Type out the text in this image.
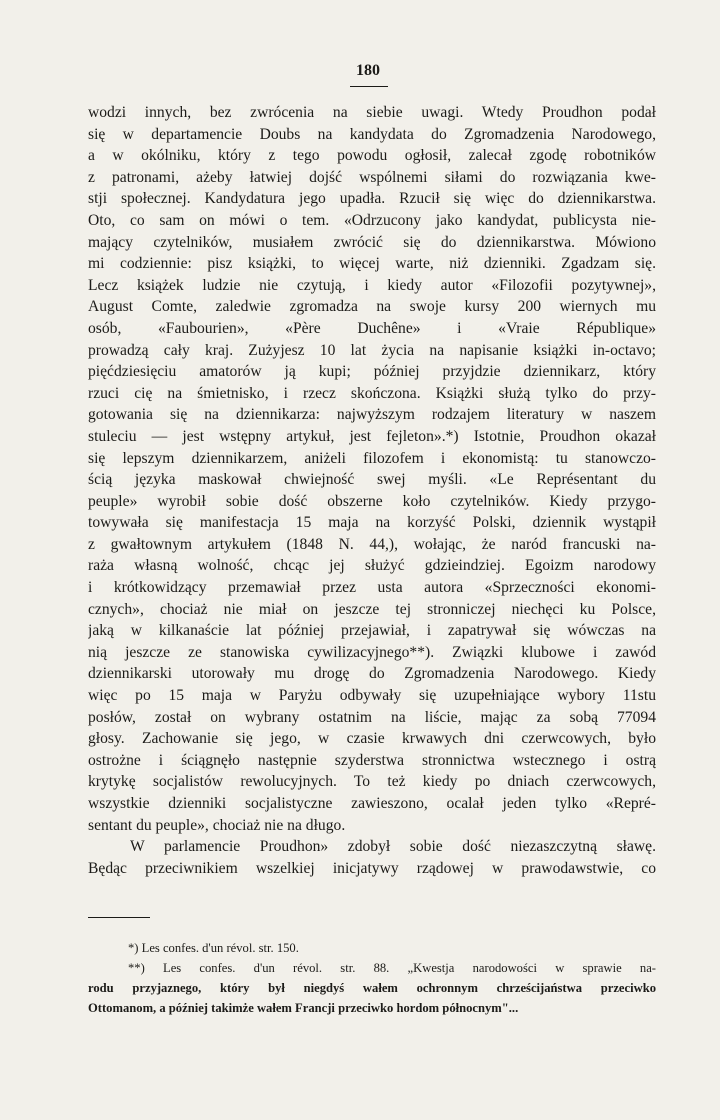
180
wodzi innych, bez zwrócenia na siebie uwagi. Wtedy Proudhon podał
się w departamencie Doubs na kandydata do Zgromadzenia Narodowego,
a w okólniku, który z tego powodu ogłosił, zalecał zgodę robotników
z patronami, ażeby łatwiej dojść wspólnemi siłami do rozwiązania kwe-
stji społecznej. Kandydatura jego upadła. Rzucił się więc do dziennikarstwa.
Oto, co sam on mówi o tem. «Odrzucony jako kandydat, publicysta nie-
mający czytelników, musiałem zwrócić się do dziennikarstwa. Mówiono
mi codziennie: pisz książki, to więcej warte, niż dzienniki. Zgadzam się.
Lecz książek ludzie nie czytują, i kiedy autor «Filozofii pozytywnej»,
August Comte, zaledwie zgromadza na swoje kursy 200 wiernych mu
osób, «Faubourien», «Père Duchêne» i «Vraie République»
prowadzą cały kraj. Zużyjesz 10 lat życia na napisanie książki in-octavo;
pięćdziesięciu amatorów ją kupi; później przyjdzie dziennikarz, który
rzuci cię na śmietnisko, i rzecz skończona. Książki służą tylko do przy-
gotowania się na dziennikarza: najwyższym rodzajem literatury w naszem
stuleciu — jest wstępny artykuł, jest fejleton».*) Istotnie, Proudhon okazał
się lepszym dziennikarzem, aniżeli filozofem i ekonomistą: tu stanowczo-
ścią języka maskował chwiejność swej myśli. «Le Représentant du
peuple» wyrobił sobie dość obszerne koło czytelników. Kiedy przygo-
towywała się manifestacja 15 maja na korzyść Polski, dziennik wystąpił
z gwałtownym artykułem (1848 N. 44,), wołając, że naród francuski na-
raża własną wolność, chcąc jej służyć gdzieindziej. Egoizm narodowy
i krótkowidzący przemawiał przez usta autora «Sprzeczności ekonomi-
cznych», chociaż nie miał on jeszcze tej stronniczej niechęci ku Polsce,
jaką w kilkanaście lat później przejawiał, i zapatrywał się wówczas na
nią jeszcze ze stanowiska cywilizacyjnego**). Związki klubowe i zawód
dziennikarski utorowały mu drogę do Zgromadzenia Narodowego. Kiedy
więc po 15 maja w Paryżu odbywały się uzupełniające wybory 11stu
posłów, został on wybrany ostatnim na liście, mając za sobą 77094
głosy. Zachowanie się jego, w czasie krwawych dni czerwcowych, było
ostrożne i ściągnęło następnie szyderstwa stronnictwa wstecznego i ostrą
krytykę socjalistów rewolucyjnych. To też kiedy po dniach czerwcowych,
wszystkie dzienniki socjalistyczne zawieszono, ocalał jeden tylko «Repré-
sentant du peuple», chociaż nie na długo.
W parlamencie Proudhon» zdobył sobie dość niezaszczytną sławę.
Będąc przeciwnikiem wszelkiej inicjatywy rządowej w prawodawstwie, co
*) Les confes. d'un révol. str. 150.
**) Les confes. d'un révol. str. 88. „Kwestja narodowości w sprawie na-
rodu przyjaznego, który był niegdyś wałem ochronnym chrześcijaństwa przeciwko
Ottomanom, a później takimże wałem Francji przeciwko hordom północnym"...
